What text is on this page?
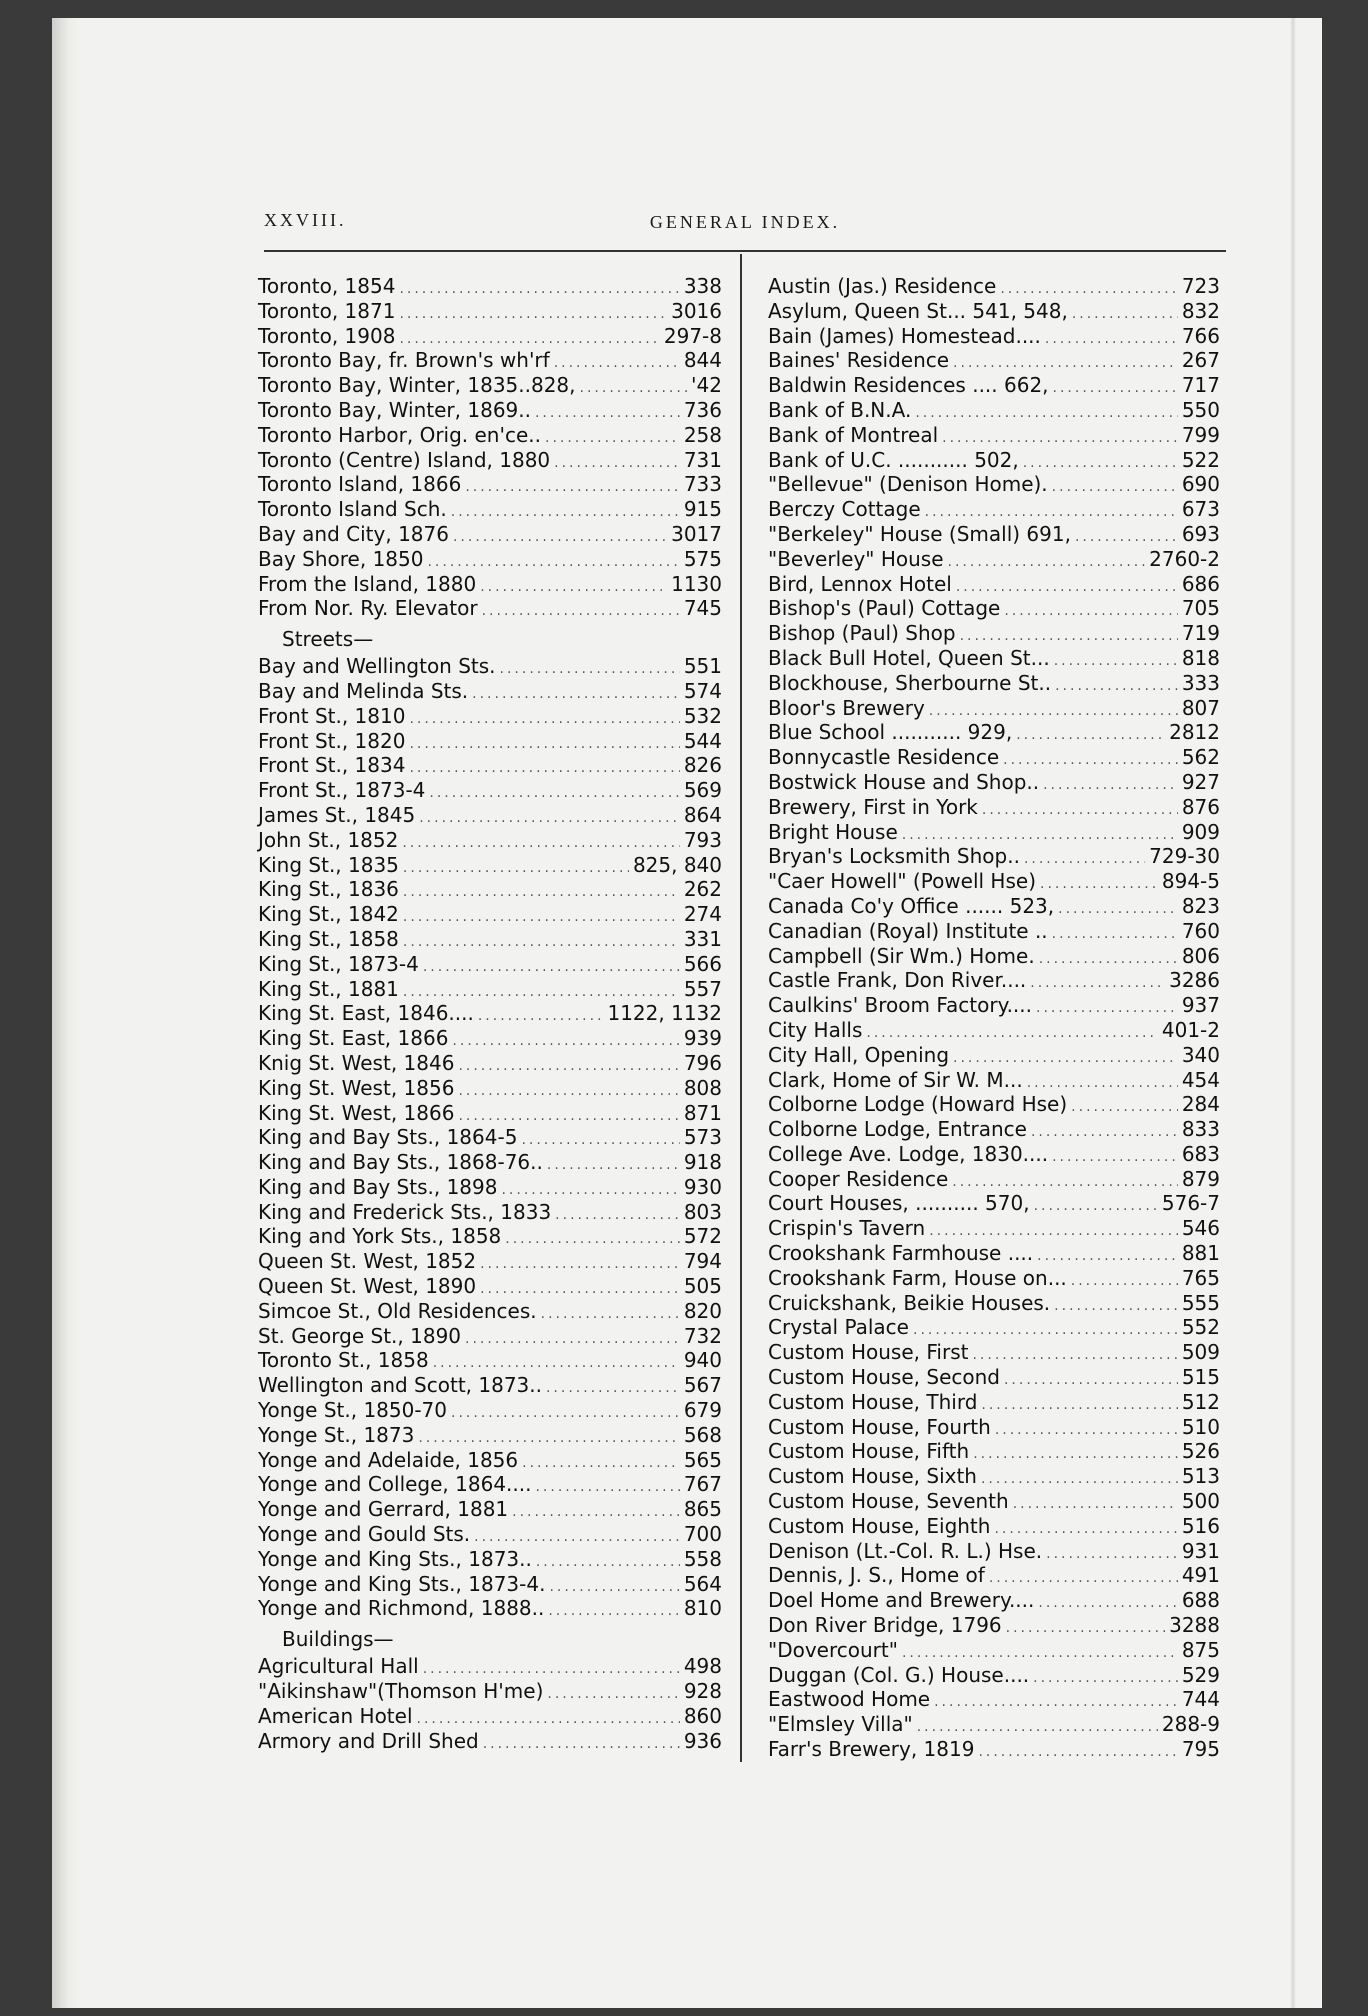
XXVIII.	GENERAL INDEX.
Toronto, 1854 .....	338
Toronto, 1871 .....	3016
Toronto, 1908 .....	297-8
Toronto Bay, fr. Brown's wh'rf .....	844
Toronto Bay, Winter, 1835..828, .....	'42
Toronto Bay, Winter, 1869.. .....	736
Toronto Harbor, Orig. en'ce.. .....	258
Toronto (Centre) Island, 1880 .....	731
Toronto Island, 1866 .....	733
Toronto Island Sch. .....	915
Bay and City, 1876 .....	3017
Bay Shore, 1850 .....	575
From the Island, 1880 .....	1130
From Nor. Ry. Elevator .....	745
Streets—
Bay and Wellington Sts. .....	551
Bay and Melinda Sts. .....	574
Front St., 1810 .....	532
Front St., 1820 .....	544
Front St., 1834 .....	826
Front St., 1873-4 .....	569
James St., 1845 .....	864
John St., 1852 .....	793
King St., 1835 .....	825, 840
King St., 1836 .....	262
King St., 1842 .....	274
King St., 1858 .....	331
King St., 1873-4 .....	566
King St., 1881 .....	557
King St. East, 1846.... .....	1122, 1132
King St. East, 1866 .....	939
Knig St. West, 1846 .....	796
King St. West, 1856 .....	808
King St. West, 1866 .....	871
King and Bay Sts., 1864-5 .....	573
King and Bay Sts., 1868-76.. .....	918
King and Bay Sts., 1898 .....	930
King and Frederick Sts., 1833 .....	803
King and York Sts., 1858 .....	572
Queen St. West, 1852 .....	794
Queen St. West, 1890 .....	505
Simcoe St., Old Residences. .....	820
St. George St., 1890 .....	732
Toronto St., 1858 .....	940
Wellington and Scott, 1873.. .....	567
Yonge St., 1850-70 .....	679
Yonge St., 1873 .....	568
Yonge and Adelaide, 1856 .....	565
Yonge and College, 1864.... .....	767
Yonge and Gerrard, 1881 .....	865
Yonge and Gould Sts. .....	700
Yonge and King Sts., 1873.. .....	558
Yonge and King Sts., 1873-4. .....	564
Yonge and Richmond, 1888.. .....	810
Buildings—
Agricultural Hall .....	498
"Aikinshaw"(Thomson H'me) .....	928
American Hotel .....	860
Armory and Drill Shed .....	936
Austin (Jas.) Residence .....	723
Asylum, Queen St... 541, 548, .....	832
Bain (James) Homestead.... .....	766
Baines' Residence .....	267
Baldwin Residences .... 662, .....	717
Bank of B.N.A. .....	550
Bank of Montreal .....	799
Bank of U.C. ........... 502, .....	522
"Bellevue" (Denison Home). .....	690
Berczy Cottage .....	673
"Berkeley" House (Small) 691, .....	693
"Beverley" House .....	2760-2
Bird, Lennox Hotel .....	686
Bishop's (Paul) Cottage .....	705
Bishop (Paul) Shop .....	719
Black Bull Hotel, Queen St... .....	818
Blockhouse, Sherbourne St.. .....	333
Bloor's Brewery .....	807
Blue School ........... 929, .....	2812
Bonnycastle Residence .....	562
Bostwick House and Shop.. .....	927
Brewery, First in York .....	876
Bright House .....	909
Bryan's Locksmith Shop.. .....	729-30
"Caer Howell" (Powell Hse) .....	894-5
Canada Co'y Office ...... 523, .....	823
Canadian (Royal) Institute .. .....	760
Campbell (Sir Wm.) Home. .....	806
Castle Frank, Don River.... .....	3286
Caulkins' Broom Factory.... .....	937
City Halls .....	401-2
City Hall, Opening .....	340
Clark, Home of Sir W. M... .....	454
Colborne Lodge (Howard Hse) .....	284
Colborne Lodge, Entrance .....	833
College Ave. Lodge, 1830.... .....	683
Cooper Residence .....	879
Court Houses, .......... 570, .....	576-7
Crispin's Tavern .....	546
Crookshank Farmhouse .... .....	881
Crookshank Farm, House on... .....	765
Cruickshank, Beikie Houses. .....	555
Crystal Palace .....	552
Custom House, First .....	509
Custom House, Second .....	515
Custom House, Third .....	512
Custom House, Fourth .....	510
Custom House, Fifth .....	526
Custom House, Sixth .....	513
Custom House, Seventh .....	500
Custom House, Eighth .....	516
Denison (Lt.-Col. R. L.) Hse. .....	931
Dennis, J. S., Home of .....	491
Doel Home and Brewery.... .....	688
Don River Bridge, 1796 .....	3288
"Dovercourt" .....	875
Duggan (Col. G.) House.... .....	529
Eastwood Home .....	744
"Elmsley Villa" .....	288-9
Farr's Brewery, 1819 .....	795
